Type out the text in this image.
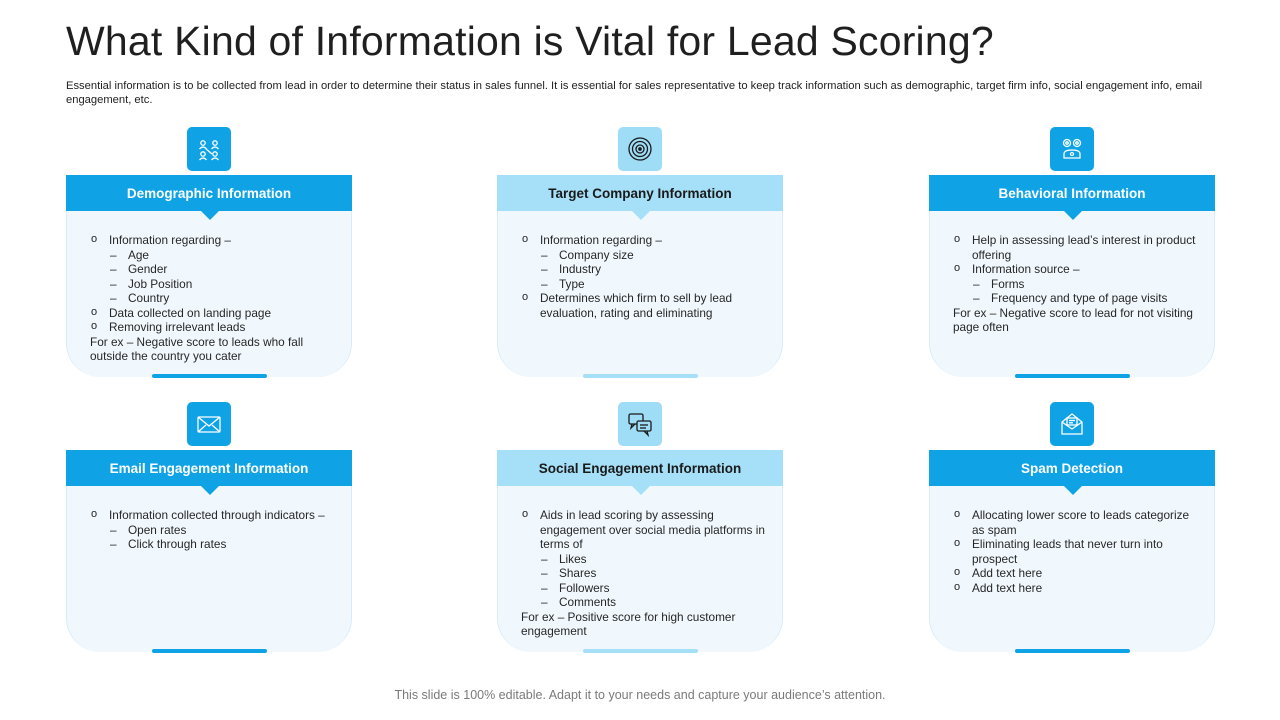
What Kind of Information is Vital for Lead Scoring?
Essential information is to be collected from lead in order to determine their status in sales funnel. It is essential for sales representative to keep track information such as demographic, target firm info, social engagement info, email engagement, etc.
Demographic Information
o Information regarding –
– Age
– Gender
– Job Position
– Country
o Data collected on landing page
o Removing irrelevant leads
For ex – Negative score to leads who fall outside the country you cater
Target Company Information
o Information regarding –
– Company size
– Industry
– Type
o Determines which firm to sell by lead evaluation, rating and eliminating
Behavioral Information
o Help in assessing lead’s interest in product offering
o Information source –
– Forms
– Frequency and type of page visits
For ex – Negative score to lead for not visiting page often
Email Engagement Information
o Information collected through indicators –
– Open rates
– Click through rates
Social Engagement Information
o Aids in lead scoring by assessing engagement over social media platforms in terms of
– Likes
– Shares
– Followers
– Comments
For ex – Positive score for high customer engagement
Spam Detection
o Allocating lower score to leads categorize as spam
o Eliminating leads that never turn into prospect
o Add text here
o Add text here
This slide is 100% editable. Adapt it to your needs and capture your audience’s attention.
